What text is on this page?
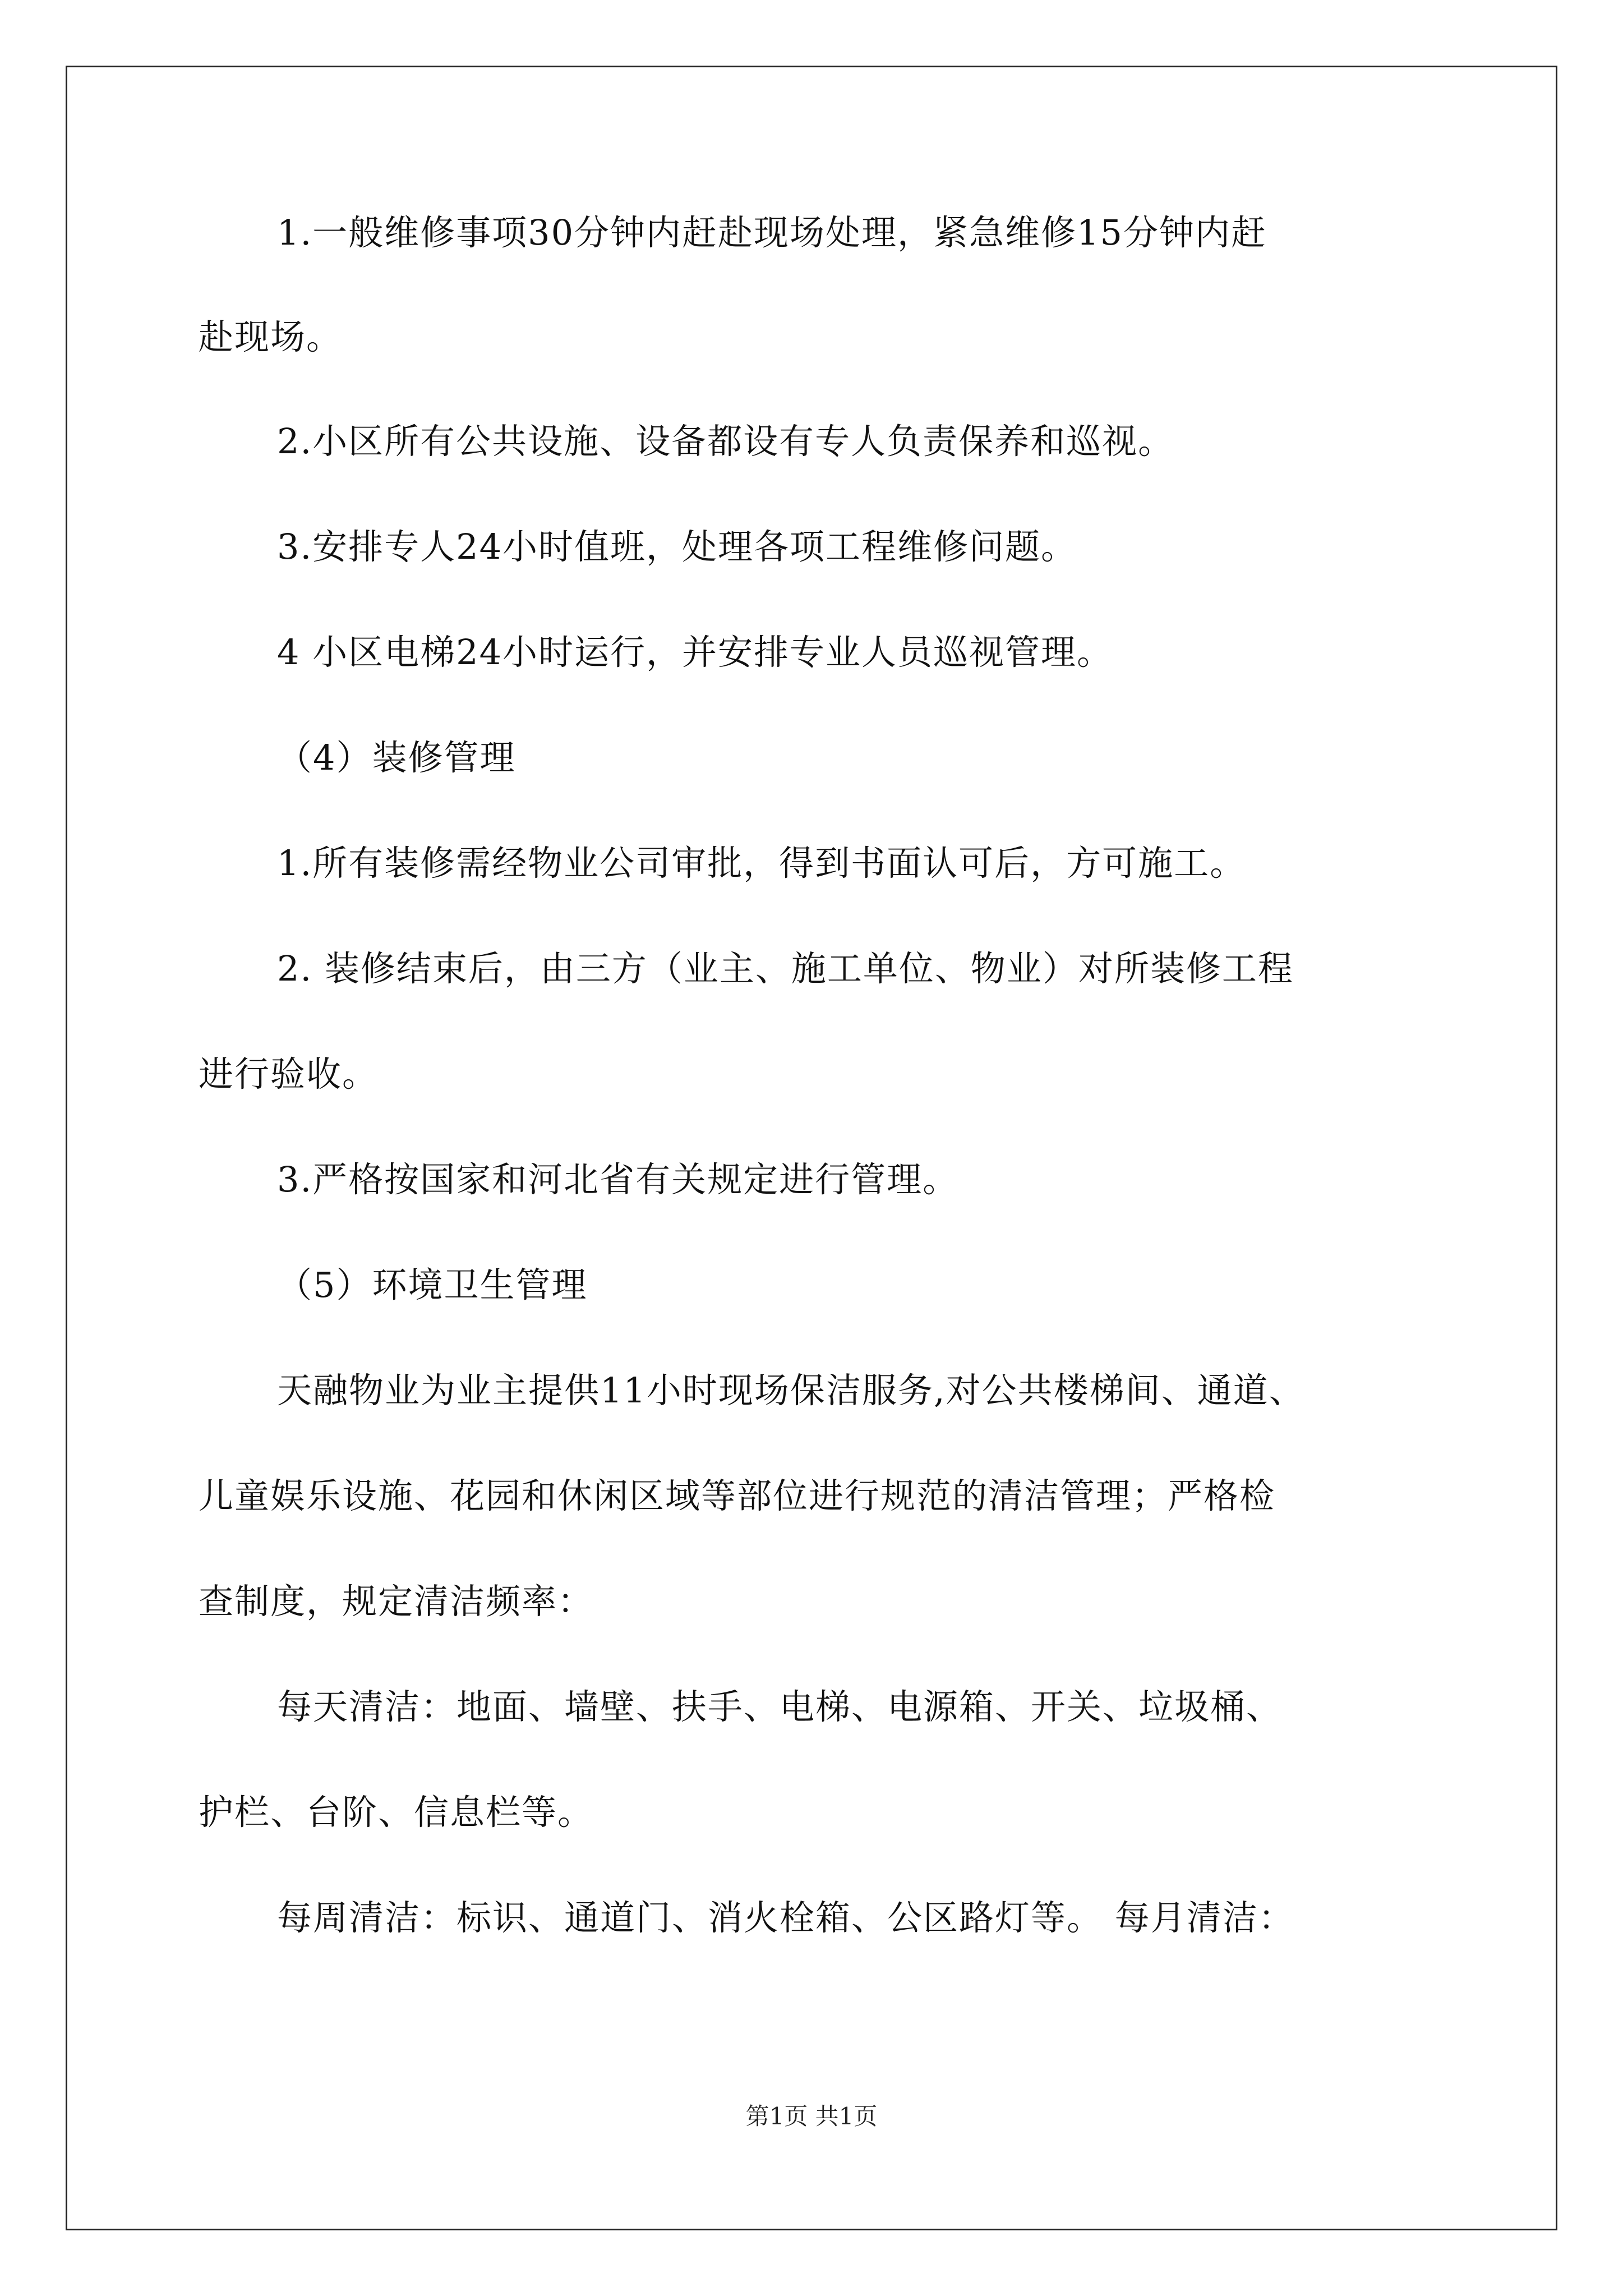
1.一般维修事项30分钟内赶赴现场处理，紧急维修15分钟内赶
赴现场。
2.小区所有公共设施、设备都设有专人负责保养和巡视。
3.安排专人24小时值班，处理各项工程维修问题。
4 小区电梯24小时运行，并安排专业人员巡视管理。
（4）装修管理
1.所有装修需经物业公司审批，得到书面认可后，方可施工。
2. 装修结束后，由三方（业主、施工单位、物业）对所装修工程
进行验收。
3.严格按国家和河北省有关规定进行管理。
（5）环境卫生管理
天融物业为业主提供11小时现场保洁服务,对公共楼梯间、通道、
儿童娱乐设施、花园和休闲区域等部位进行规范的清洁管理；严格检
查制度，规定清洁频率：
每天清洁：地面、墙壁、扶手、电梯、电源箱、开关、垃圾桶、
护栏、台阶、信息栏等。
每周清洁：标识、通道门、消火栓箱、公区路灯等。 每月清洁：
第1页 共1页
